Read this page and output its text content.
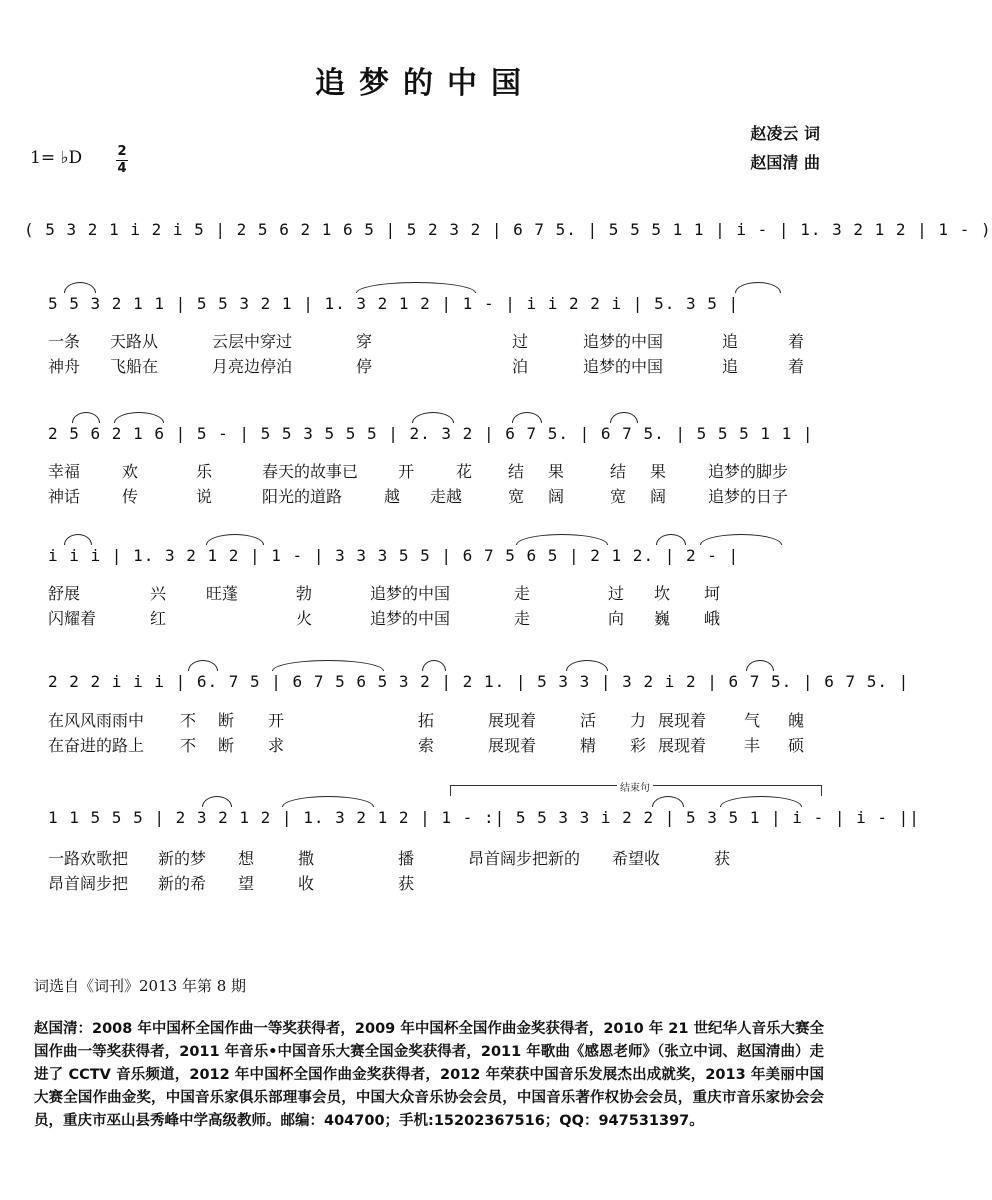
追梦的中国
赵凌云 词
赵国清 曲
1= ♭D	2
4
( 5 3 2 1 i 2 i 5 | 2 5 6 2 1 6 5 | 5 2 3 2 | 6 7 5. | 5 5 5 1 1 | i - | 1. 3 2 1 2 | 1 - )
5 5 3 2 1 1 | 5 5 3 2 1 | 1. 3 2 1 2 | 1 - | i i 2 2 i | 5. 3 5 |
一条 天路从	云层中穿过	穿	过	追梦的中国	追	着
神舟 飞船在	月亮边停泊	停	泊	追梦的中国	追	着
2 5 6 2 1 6 | 5 - | 5 5 3 5 5 5 | 2. 3 2 | 6 7 5. | 6 7 5. | 5 5 5 1 1 |
幸福	欢	乐	春天的故事已 开	花 结 果	结 果	追梦的脚步
神话	传	说	阳光的道路	越 走越	宽 阔	宽 阔	追梦的日子
i i i | 1. 3 2 1 2 | 1 - | 3 3 3 5 5 | 6 7 5 6 5 | 2 1 2. | 2 - |
舒展	兴 旺蓬	勃	追梦的中国	走	过 坎 坷
闪耀着	红	火	追梦的中国	走	向 巍 峨
2 2 2 i i i | 6. 7 5 | 6 7 5 6 5 3 2 | 2 1. | 5 3 3 | 3 2 i 2 | 6 7 5. | 6 7 5. |
在风风雨雨中 不 断 开	拓	展现着	活 力 展现着 气 魄
在奋进的路上 不 断 求	索	展现着	精 彩 展现着 丰 硕
结束句
1 1 5 5 5 | 2 3 2 1 2 | 1. 3 2 1 2 | 1 - :| 5 5 3 3 i 2 2 | 5 3 5 1 | i - | i - ||
一路欢歌把 新的梦 想	撒	播	昂首阔步把新的 希望收	获
昂首阔步把 新的希 望	收	获
词选自《词刊》2013 年第 8 期
赵国清：2008 年中国杯全国作曲一等奖获得者，2009 年中国杯全国作曲金奖获得者，2010 年 21 世纪华人音乐大赛全国作曲一等奖获得者，2011 年音乐•中国音乐大赛全国金奖获得者，2011 年歌曲《感恩老师》（张立中词、赵国清曲）走进了 CCTV 音乐频道，2012 年中国杯全国作曲金奖获得者，2012 年荣获中国音乐发展杰出成就奖，2013 年美丽中国大赛全国作曲金奖，中国音乐家俱乐部理事会员，中国大众音乐协会会员，中国音乐著作权协会会员，重庆市音乐家协会会员，重庆市巫山县秀峰中学高级教师。邮编：404700；手机:15202367516；QQ：947531397。
